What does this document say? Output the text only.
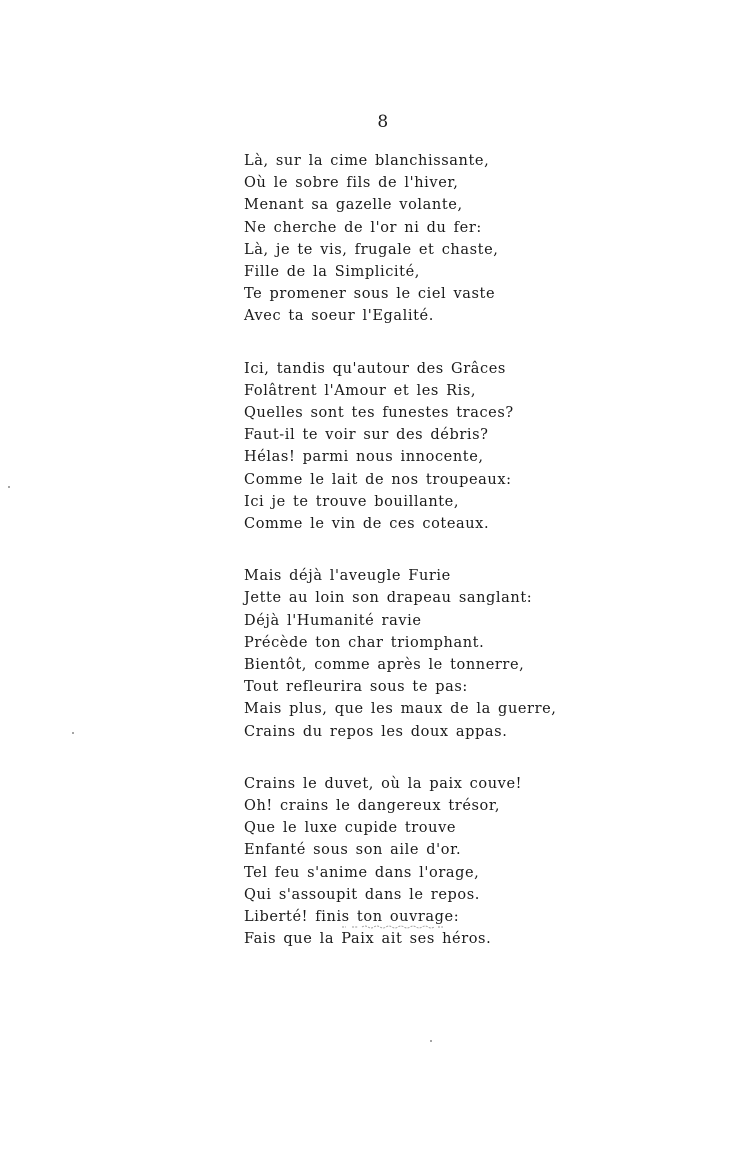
8
Là, sur la cime blanchissante,
Où le sobre fils de l'hiver,
Menant sa gazelle volante,
Ne cherche de l'or ni du fer:
Là, je te vis, frugale et chaste,
Fille de la Simplicité,
Te promener sous le ciel vaste
Avec ta soeur l'Egalité.
Ici, tandis qu'autour des Grâces
Folâtrent l'Amour et les Ris,
Quelles sont tes funestes traces?
Faut-il te voir sur des débris?
Hélas! parmi nous innocente,
Comme le lait de nos troupeaux:
Ici je te trouve bouillante,
Comme le vin de ces coteaux.
Mais déjà l'aveugle Furie
Jette au loin son drapeau sanglant:
Déjà l'Humanité ravie
Précède ton char triomphant.
Bientôt, comme après le tonnerre,
Tout refleurira sous te pas:
Mais plus, que les maux de la guerre,
Crains du repos les doux appas.
Crains le duvet, où la paix couve!
Oh! crains le dangereux trésor,
Que le luxe cupide trouve
Enfanté sous son aile d'or.
Tel feu s'anime dans l'orage,
Qui s'assoupit dans le repos.
Liberté! finis ton ouvrage:
Fais que la Paix ait ses héros.
